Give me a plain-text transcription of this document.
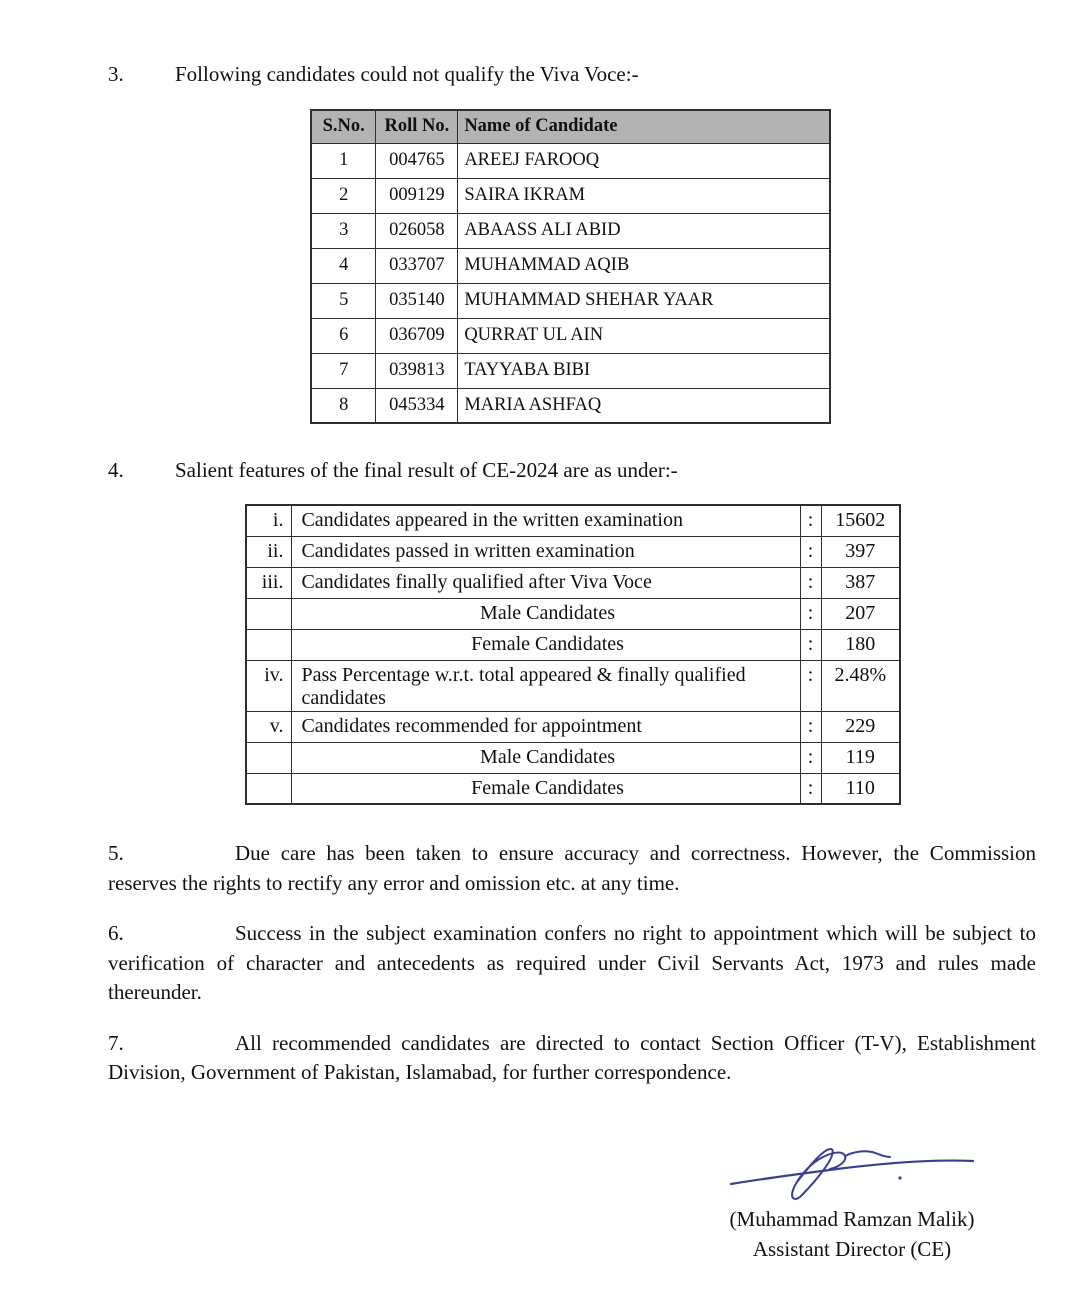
3. Following candidates could not qualify the Viva Voce:-
S.No.	Roll No.	Name of Candidate
1	004765	AREEJ FAROOQ
2	009129	SAIRA IKRAM
3	026058	ABAASS ALI ABID
4	033707	MUHAMMAD AQIB
5	035140	MUHAMMAD SHEHAR YAAR
6	036709	QURRAT UL AIN
7	039813	TAYYABA BIBI
8	045334	MARIA ASHFAQ
4. Salient features of the final result of CE-2024 are as under:-
i.	Candidates appeared in the written examination	:	15602
ii.	Candidates passed in written examination	:	397
iii.	Candidates finally qualified after Viva Voce	:	387
	Male Candidates	:	207
	Female Candidates	:	180
iv.	Pass Percentage w.r.t. total appeared & finally qualified candidates	:	2.48%
v.	Candidates recommended for appointment	:	229
	Male Candidates	:	119
	Female Candidates	:	110
5.	Due care has been taken to ensure accuracy and correctness. However, the Commission reserves the rights to rectify any error and omission etc. at any time.
6.	Success in the subject examination confers no right to appointment which will be subject to verification of character and antecedents as required under Civil Servants Act, 1973 and rules made thereunder.
7.	All recommended candidates are directed to contact Section Officer (T-V), Establishment Division, Government of Pakistan, Islamabad, for further correspondence.
(Muhammad Ramzan Malik)
Assistant Director (CE)
